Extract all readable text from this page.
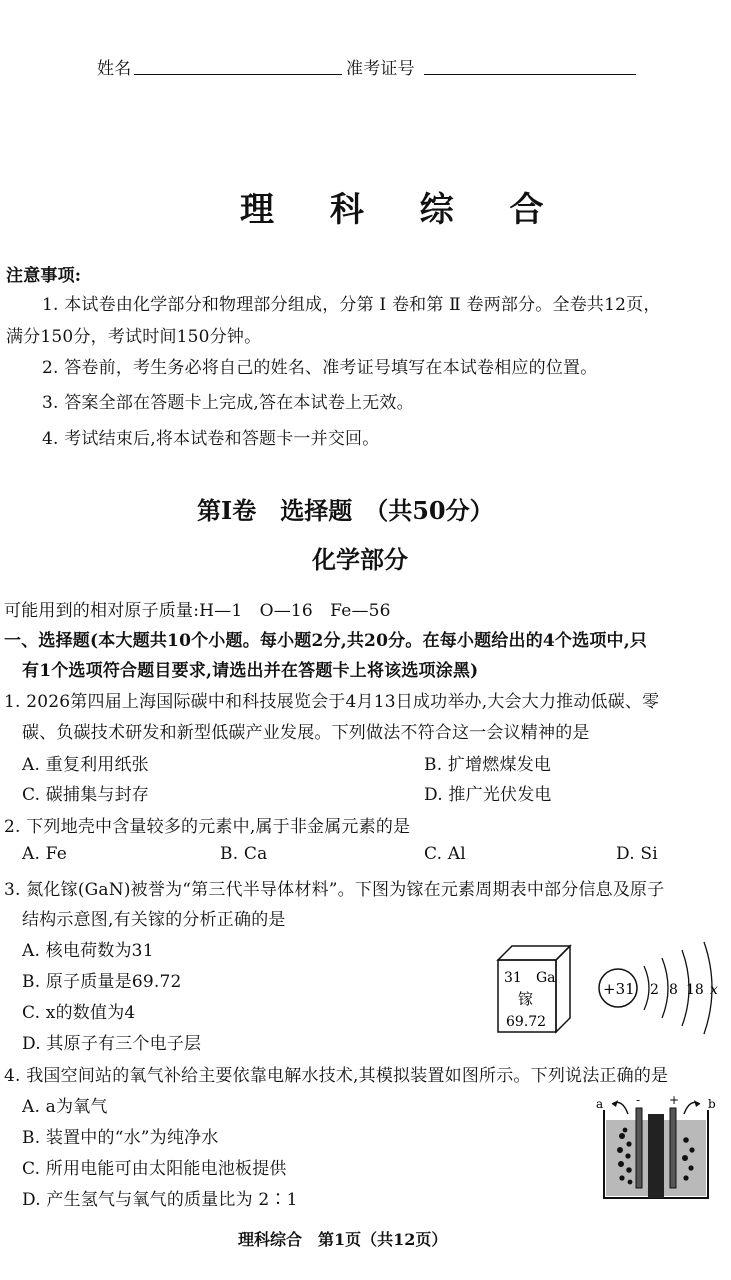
姓名	准考证号
理 科 综 合
注意事项:
1. 本试卷由化学部分和物理部分组成，分第 Ⅰ 卷和第 Ⅱ 卷两部分。全卷共12页，
满分150分，考试时间150分钟。
2. 答卷前，考生务必将自己的姓名、准考证号填写在本试卷相应的位置。
3. 答案全部在答题卡上完成,答在本试卷上无效。
4. 考试结束后,将本试卷和答题卡一并交回。
第Ⅰ卷　选择题　（共50分）
化学部分
可能用到的相对原子质量:H—1　O—16　Fe—56
一、选择题(本大题共10个小题。每小题2分,共20分。在每小题给出的4个选项中,只
有1个选项符合题目要求,请选出并在答题卡上将该选项涂黑)
1. 2026第四届上海国际碳中和科技展览会于4月13日成功举办,大会大力推动低碳、零
碳、负碳技术研发和新型低碳产业发展。下列做法不符合这一会议精神的是
A. 重复利用纸张	B. 扩增燃煤发电
C. 碳捕集与封存	D. 推广光伏发电
2. 下列地壳中含量较多的元素中,属于非金属元素的是
A. Fe	B. Ca	C. Al	D. Si
3. 氮化镓(GaN)被誉为“第三代半导体材料”。下图为镓在元素周期表中部分信息及原子
结构示意图,有关镓的分析正确的是
A. 核电荷数为31
B. 原子质量是69.72
C. x的数值为4
D. 其原子有三个电子层
31 Ga
镓
69.72
+31 2 8 18 x
4. 我国空间站的氧气补给主要依靠电解水技术,其模拟装置如图所示。下列说法正确的是
A. a为氧气
B. 装置中的“水”为纯净水
C. 所用电能可由太阳能电池板提供
D. 产生氢气与氧气的质量比为 2∶1
a	b
- +
理科综合　第1页（共12页）
